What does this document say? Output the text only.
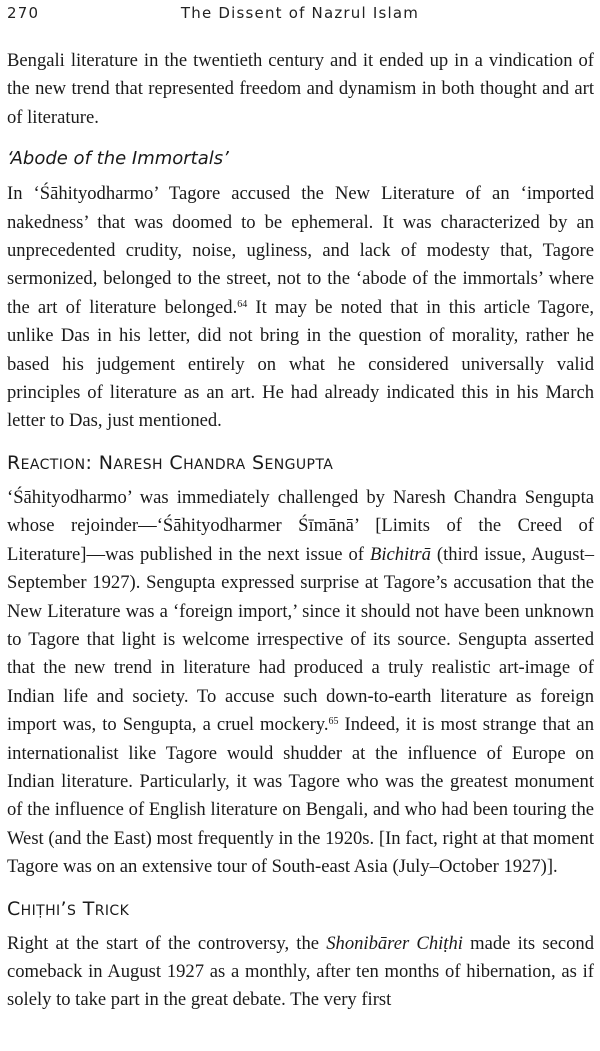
270	The Dissent of Nazrul Islam

Bengali literature in the twentieth century and it ended up in a vindication of the new trend that represented freedom and dynamism in both thought and art of literature.

‘Abode of the Immortals’

In ‘Śāhityodharmo’ Tagore accused the New Literature of an ‘imported nakedness’ that was doomed to be ephemeral. It was characterized by an unprecedented crudity, noise, ugliness, and lack of modesty that, Tagore sermonized, belonged to the street, not to the ‘abode of the immortals’ where the art of literature belonged.$^{64}$ It may be noted that in this article Tagore, unlike Das in his letter, did not bring in the question of morality, rather he based his judgement entirely on what he considered universally valid principles of literature as an art. He had already indicated this in his March letter to Das, just mentioned.

REACTION: NARESH CHANDRA SENGUPTA

‘Śāhityodharmo’ was immediately challenged by Naresh Chandra Sengupta whose rejoinder—‘Śāhityodharmer Śīmānā’ [Limits of the Creed of Literature]—was published in the next issue of Bichitrā (third issue, August–September 1927). Sengupta expressed surprise at Tagore’s accusation that the New Literature was a ‘foreign import,’ since it should not have been unknown to Tagore that light is welcome irrespective of its source. Sengupta asserted that the new trend in literature had produced a truly realistic art-image of Indian life and society. To accuse such down-to-earth literature as foreign import was, to Sengupta, a cruel mockery.$^{65}$ Indeed, it is most strange that an internationalist like Tagore would shudder at the influence of Europe on Indian literature. Particularly, it was Tagore who was the greatest monument of the influence of English literature on Bengali, and who had been touring the West (and the East) most frequently in the 1920s. [In fact, right at that moment Tagore was on an extensive tour of South-east Asia (July–October 1927)].

CHIṬHI’S TRICK

Right at the start of the controversy, the Shonibārer Chiṭhi made its second comeback in August 1927 as a monthly, after ten months of hibernation, as if solely to take part in the great debate. The very first
